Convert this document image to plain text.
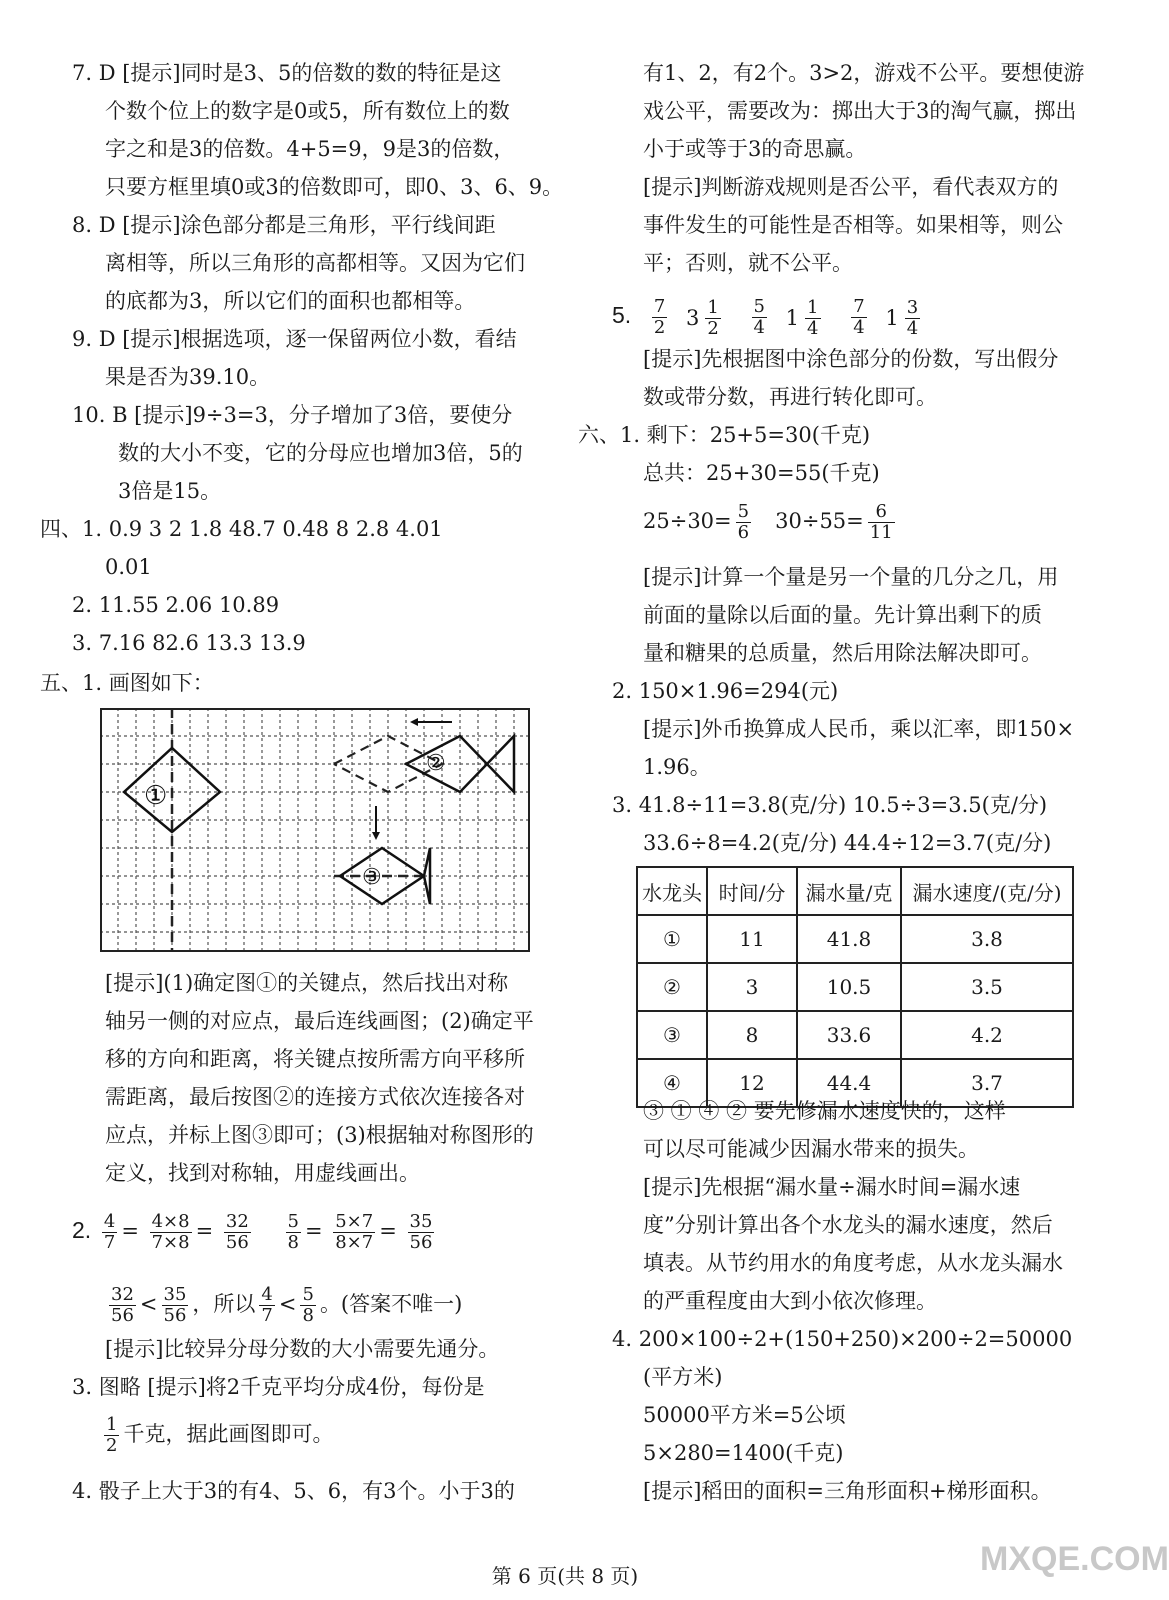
7. D [提示]同时是3、5的倍数的数的特征是这
个数个位上的数字是0或5，所有数位上的数
字之和是3的倍数。4+5=9，9是3的倍数，
只要方框里填0或3的倍数即可，即0、3、6、9。
8. D [提示]涂色部分都是三角形，平行线间距
离相等，所以三角形的高都相等。又因为它们
的底都为3，所以它们的面积也都相等。
9. D [提示]根据选项，逐一保留两位小数，看结
果是否为39.10。
10. B [提示]9÷3=3，分子增加了3倍，要使分
数的大小不变，它的分母应也增加3倍，5的
3倍是15。
四、1. 0.9 3 2 1.8 48.7 0.48 8 2.8 4.01
0.01
2. 11.55 2.06 10.89
3. 7.16 82.6 13.3 13.9
五、1. 画图如下：
①
②
③
[提示](1)确定图①的关键点，然后找出对称
轴另一侧的对应点，最后连线画图；(2)确定平
移的方向和距离，将关键点按所需方向平移所
需距离，最后按图②的连接方式依次连接各对
应点，并标上图③即可；(3)根据轴对称图形的
定义，找到对称轴，用虚线画出。
2. $\frac{4}{7} = \frac{4\times 8}{7\times 8} = \frac{32}{56}$
$\frac{5}{8} = \frac{5\times 7}{8\times 7} = \frac{35}{56}$
$\frac{32}{56} < \frac{35}{56}$ ，所以 $\frac{4}{7} < \frac{5}{8}$ 。(答案不唯一)
[提示]比较异分母分数的大小需要先通分。
3. 图略 [提示]将2千克平均分成4份，每份是
$\frac{1}{2}$ 千克，据此画图即可。
4. 骰子上大于3的有4、5、6，有3个。小于3的
有1、2，有2个。3>2，游戏不公平。要想使游
戏公平，需要改为：掷出大于3的淘气赢，掷出
小于或等于3的奇思赢。
[提示]判断游戏规则是否公平，看代表双方的
事件发生的可能性是否相等。如果相等，则公
平；否则，就不公平。
5. $\frac{7}{2} 3 \frac{1}{2}$
$\frac{5}{4} 1 \frac{1}{4}$
$\frac{7}{4} 1 \frac{3}{4}$
[提示]先根据图中涂色部分的份数，写出假分
数或带分数，再进行转化即可。
六、1. 剩下：25+5=30(千克)
总共：25+30=55(千克)
$25\div 30= \frac{5}{6} 30\div 55= \frac{6}{11}$
[提示]计算一个量是另一个量的几分之几，用
前面的量除以后面的量。先计算出剩下的质
量和糖果的总质量，然后用除法解决即可。
2. 150×1.96=294(元)
[提示]外币换算成人民币，乘以汇率，即150×
1.96。
3. 41.8÷11=3.8(克/分) 10.5÷3=3.5(克/分)
33.6÷8=4.2(克/分) 44.4÷12=3.7(克/分)
水龙头	时间/分	漏水量/克	漏水速度/(克/分)
①	11	41.8	3.8
②	3	10.5	3.5
③	8	33.6	4.2
④	12	44.4	3.7
③ ① ④ ② 要先修漏水速度快的，这样
可以尽可能减少因漏水带来的损失。
[提示]先根据“漏水量÷漏水时间=漏水速
度”分别计算出各个水龙头的漏水速度，然后
填表。从节约用水的角度考虑，从水龙头漏水
的严重程度由大到小依次修理。
4. 200×100÷2+(150+250)×200÷2=50000
(平方米)
50000平方米=5公顷
5×280=1400(千克)
[提示]稻田的面积=三角形面积+梯形面积。
第 6 页(共 8 页)	MXQE.COM
